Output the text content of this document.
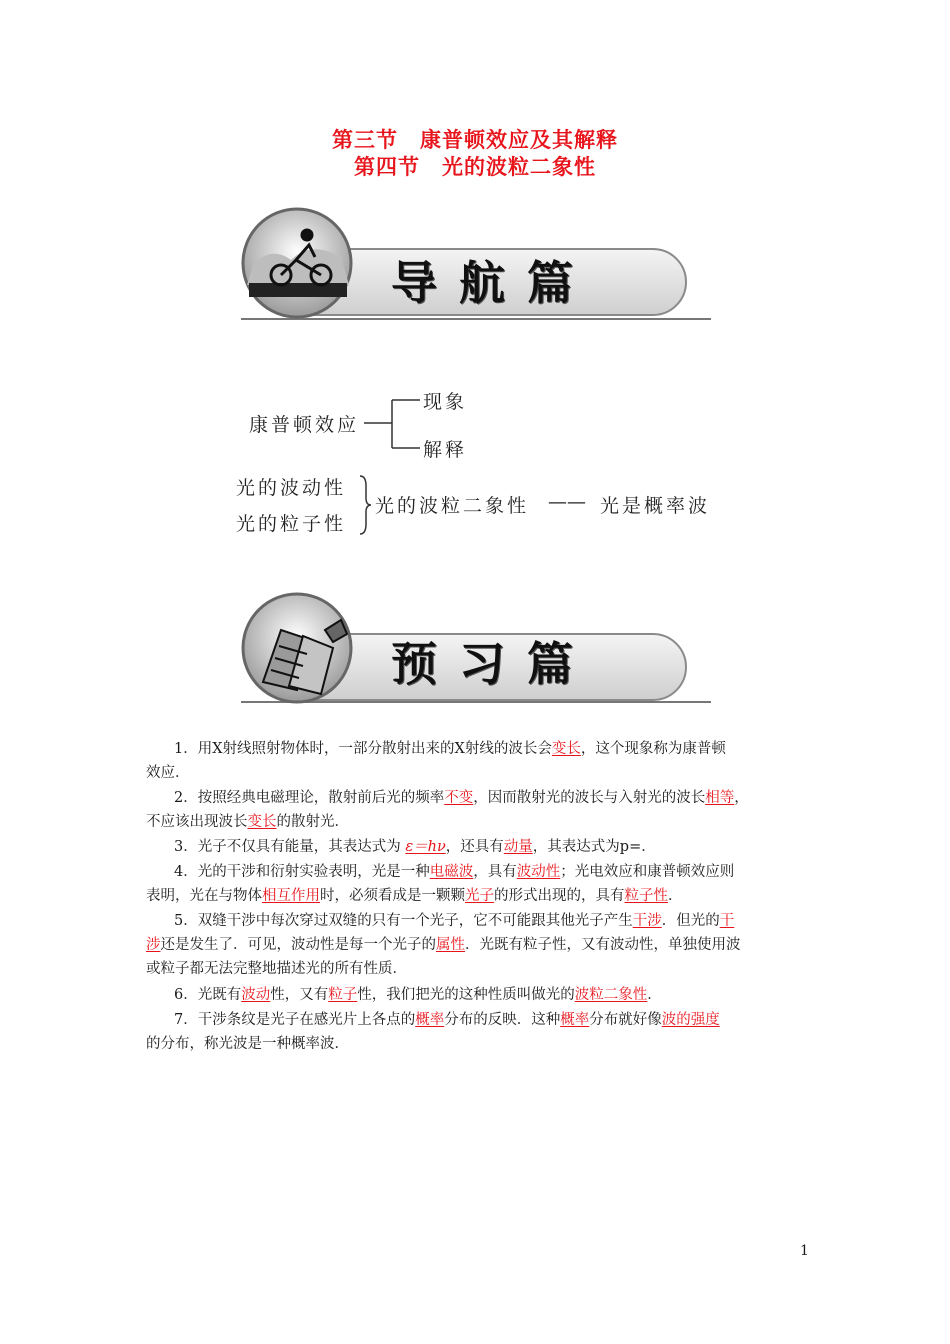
第三节　康普顿效应及其解释
第四节　光的波粒二象性
导航篇
康普顿效应
现象
解释
光的波动性
光的粒子性
光的波粒二象性 —— 光是概率波
预习篇
1．用X射线照射物体时，一部分散射出来的X射线的波长会变长，这个现象称为康普顿
效应．
2．按照经典电磁理论，散射前后光的频率不变，因而散射光的波长与入射光的波长相等，
不应该出现波长变长的散射光．
3．光子不仅具有能量，其表达式为 ε＝hν，还具有动量，其表达式为p=．
4．光的干涉和衍射实验表明，光是一种电磁波，具有波动性；光电效应和康普顿效应则
表明，光在与物体相互作用时，必须看成是一颗颗光子的形式出现的，具有粒子性．
5．双缝干涉中每次穿过双缝的只有一个光子，它不可能跟其他光子产生干涉．但光的干
涉还是发生了．可见，波动性是每一个光子的属性．光既有粒子性，又有波动性，单独使用波
或粒子都无法完整地描述光的所有性质．
6．光既有波动性，又有粒子性，我们把光的这种性质叫做光的波粒二象性．
7．干涉条纹是光子在感光片上各点的概率分布的反映．这种概率分布就好像波的强度
的分布，称光波是一种概率波．
1
